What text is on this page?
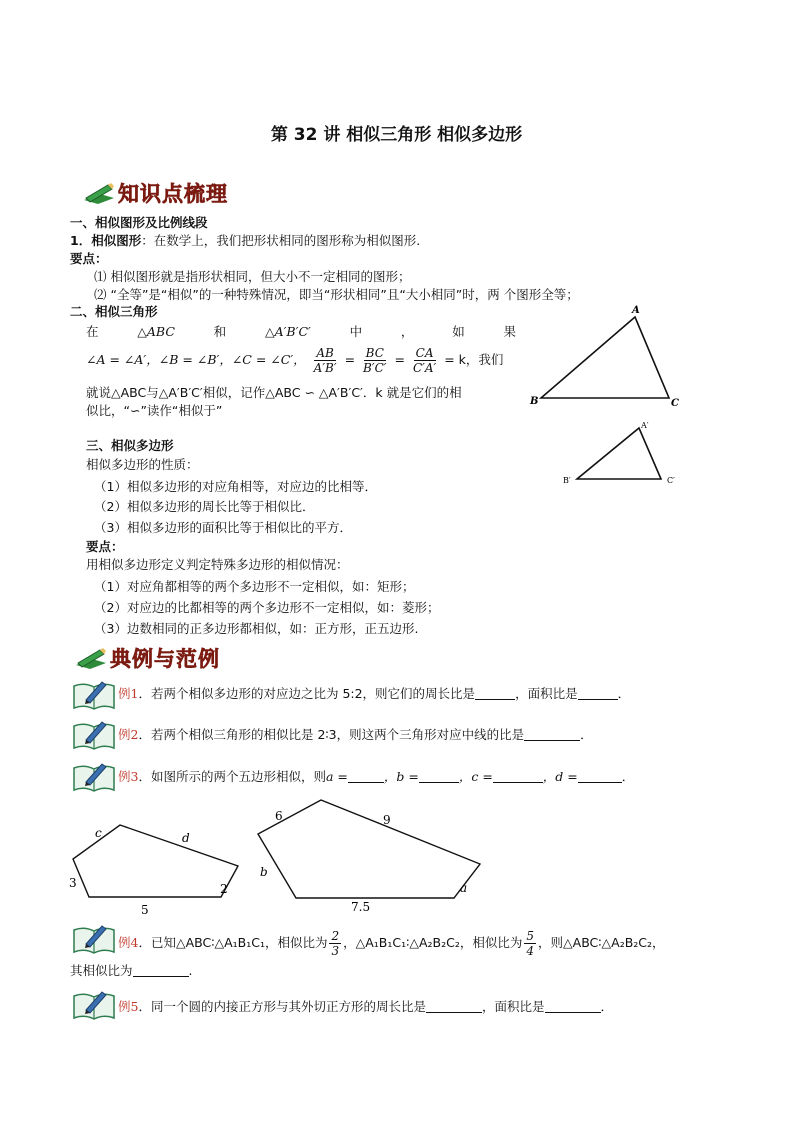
第 32 讲 相似三角形 相似多边形
知识点梳理
一、相似图形及比例线段
1．相似图形：在数学上，我们把形状相同的图形称为相似图形.
要点：
⑴ 相似图形就是指形状相同，但大小不一定相同的图形；
⑵ “全等”是“相似”的一种特殊情况，即当“形状相同”且“大小相同”时，两 个图形全等；
二、相似三角形
在	△ABC	和	△A′B′C′	中	，	如	果
∠A = ∠A′，∠B = ∠B′，∠C = ∠C′， $\frac{AB}{A'B'} = \frac{BC}{B'C'} = \frac{CA}{C'A'} = k$，我们
就说△ABC与△A′B′C′相似，记作△ABC ∽ △A′B′C′．k 就是它们的相
似比，“∽”读作“相似于”
A
B	C
A′
B′	C′
三、相似多边形
相似多边形的性质：
（1）相似多边形的对应角相等，对应边的比相等．
（2）相似多边形的周长比等于相似比．
（3）相似多边形的面积比等于相似比的平方．
要点：
用相似多边形定义判定特殊多边形的相似情况：
（1）对应角都相等的两个多边形不一定相似，如：矩形；
（2）对应边的比都相等的两个多边形不一定相似，如：菱形；
（3）边数相同的正多边形都相似，如：正方形，正五边形.
典例与范例
例1．若两个相似多边形的对应边之比为 5:2，则它们的周长比是	，面积比是	．
例2．若两个相似三角形的相似比是 2∶3，则这两个三角形对应中线的比是	．
例3．如图所示的两个五边形相似，则a =	，b =	，c =	，d =	．
c	d
3	2
5
6	9
b
a
7.5
例4．已知△ABC∶△A₁B₁C₁，相似比为 $\frac{2}{3}$ ，△A₁B₁C₁∶△A₂B₂C₂，相似比为 $\frac{5}{4}$ ，则△ABC∶△A₂B₂C₂，
其相似比为	.
例5．同一个圆的内接正方形与其外切正方形的周长比是	，面积比是	．
